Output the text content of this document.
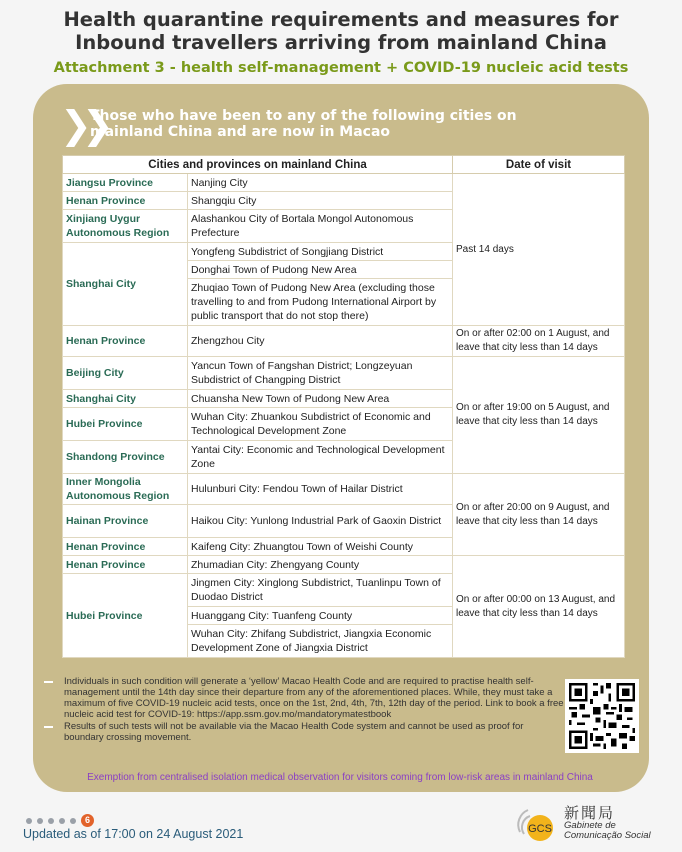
Health quarantine requirements and measures for
Inbound travellers arriving from mainland China
Attachment 3 - health self-management + COVID-19 nucleic acid tests
❯❯
Those who have been to any of the following cities on
mainland China and are now in Macao
Cities and provinces on mainland China		Date of visit
Jiangsu Province	Nanjing City	Past 14 days
Henan Province	Shangqiu City	
Xinjiang Uygur Autonomous Region	Alashankou City of Bortala Mongol Autonomous Prefecture	
Shanghai City	Yongfeng Subdistrict of Songjiang District	
	Donghai Town of Pudong New Area	
	Zhuqiao Town of Pudong New Area (excluding those travelling to and from Pudong International Airport by public transport that do not stop there)	
Henan Province	Zhengzhou City	On or after 02:00 on 1 August, and leave that city less than 14 days
Beijing City	Yancun Town of Fangshan District; Longzeyuan Subdistrict of Changping District	On or after 19:00 on 5 August, and leave that city less than 14 days
Shanghai City	Chuansha New Town of Pudong New Area	
Hubei Province	Wuhan City: Zhuankou Subdistrict of Economic and Technological Development Zone	
Shandong Province	Yantai City: Economic and Technological Development Zone	
Inner Mongolia Autonomous Region	Hulunburi City: Fendou Town of Hailar District	On or after 20:00 on 9 August, and leave that city less than 14 days
Hainan Province	Haikou City: Yunlong Industrial Park of Gaoxin District	
Henan Province	Kaifeng City: Zhuangtou Town of Weishi County	
Henan Province	Zhumadian City: Zhengyang County	On or after 00:00 on 13 August, and leave that city less than 14 days
Hubei Province	Jingmen City: Xinglong Subdistrict, Tuanlinpu Town of Duodao District	
	Huanggang City: Tuanfeng County	
	Wuhan City: Zhifang Subdistrict, Jiangxia Economic Development Zone of Jiangxia District	
Individuals in such condition will generate a ‘yellow’ Macao Health Code and are required to practise health self-management until the 14th day since their departure from any of the aforementioned places. While, they must take a maximum of five COVID-19 nucleic acid tests, once on the 1st, 2nd, 4th, 7th, 12th day of the period. Link to book a free nucleic acid test for COVID-19: https://app.ssm.gov.mo/mandatorymatestbook
Results of such tests will not be available via the Macao Health Code system and cannot be used as proof for boundary crossing movement.
Exemption from centralised isolation medical observation for visitors coming from low-risk areas in mainland China
6
Updated as of 17:00 on 24 August 2021	GCS
新聞局
Gabinete de
Comunicação Social
